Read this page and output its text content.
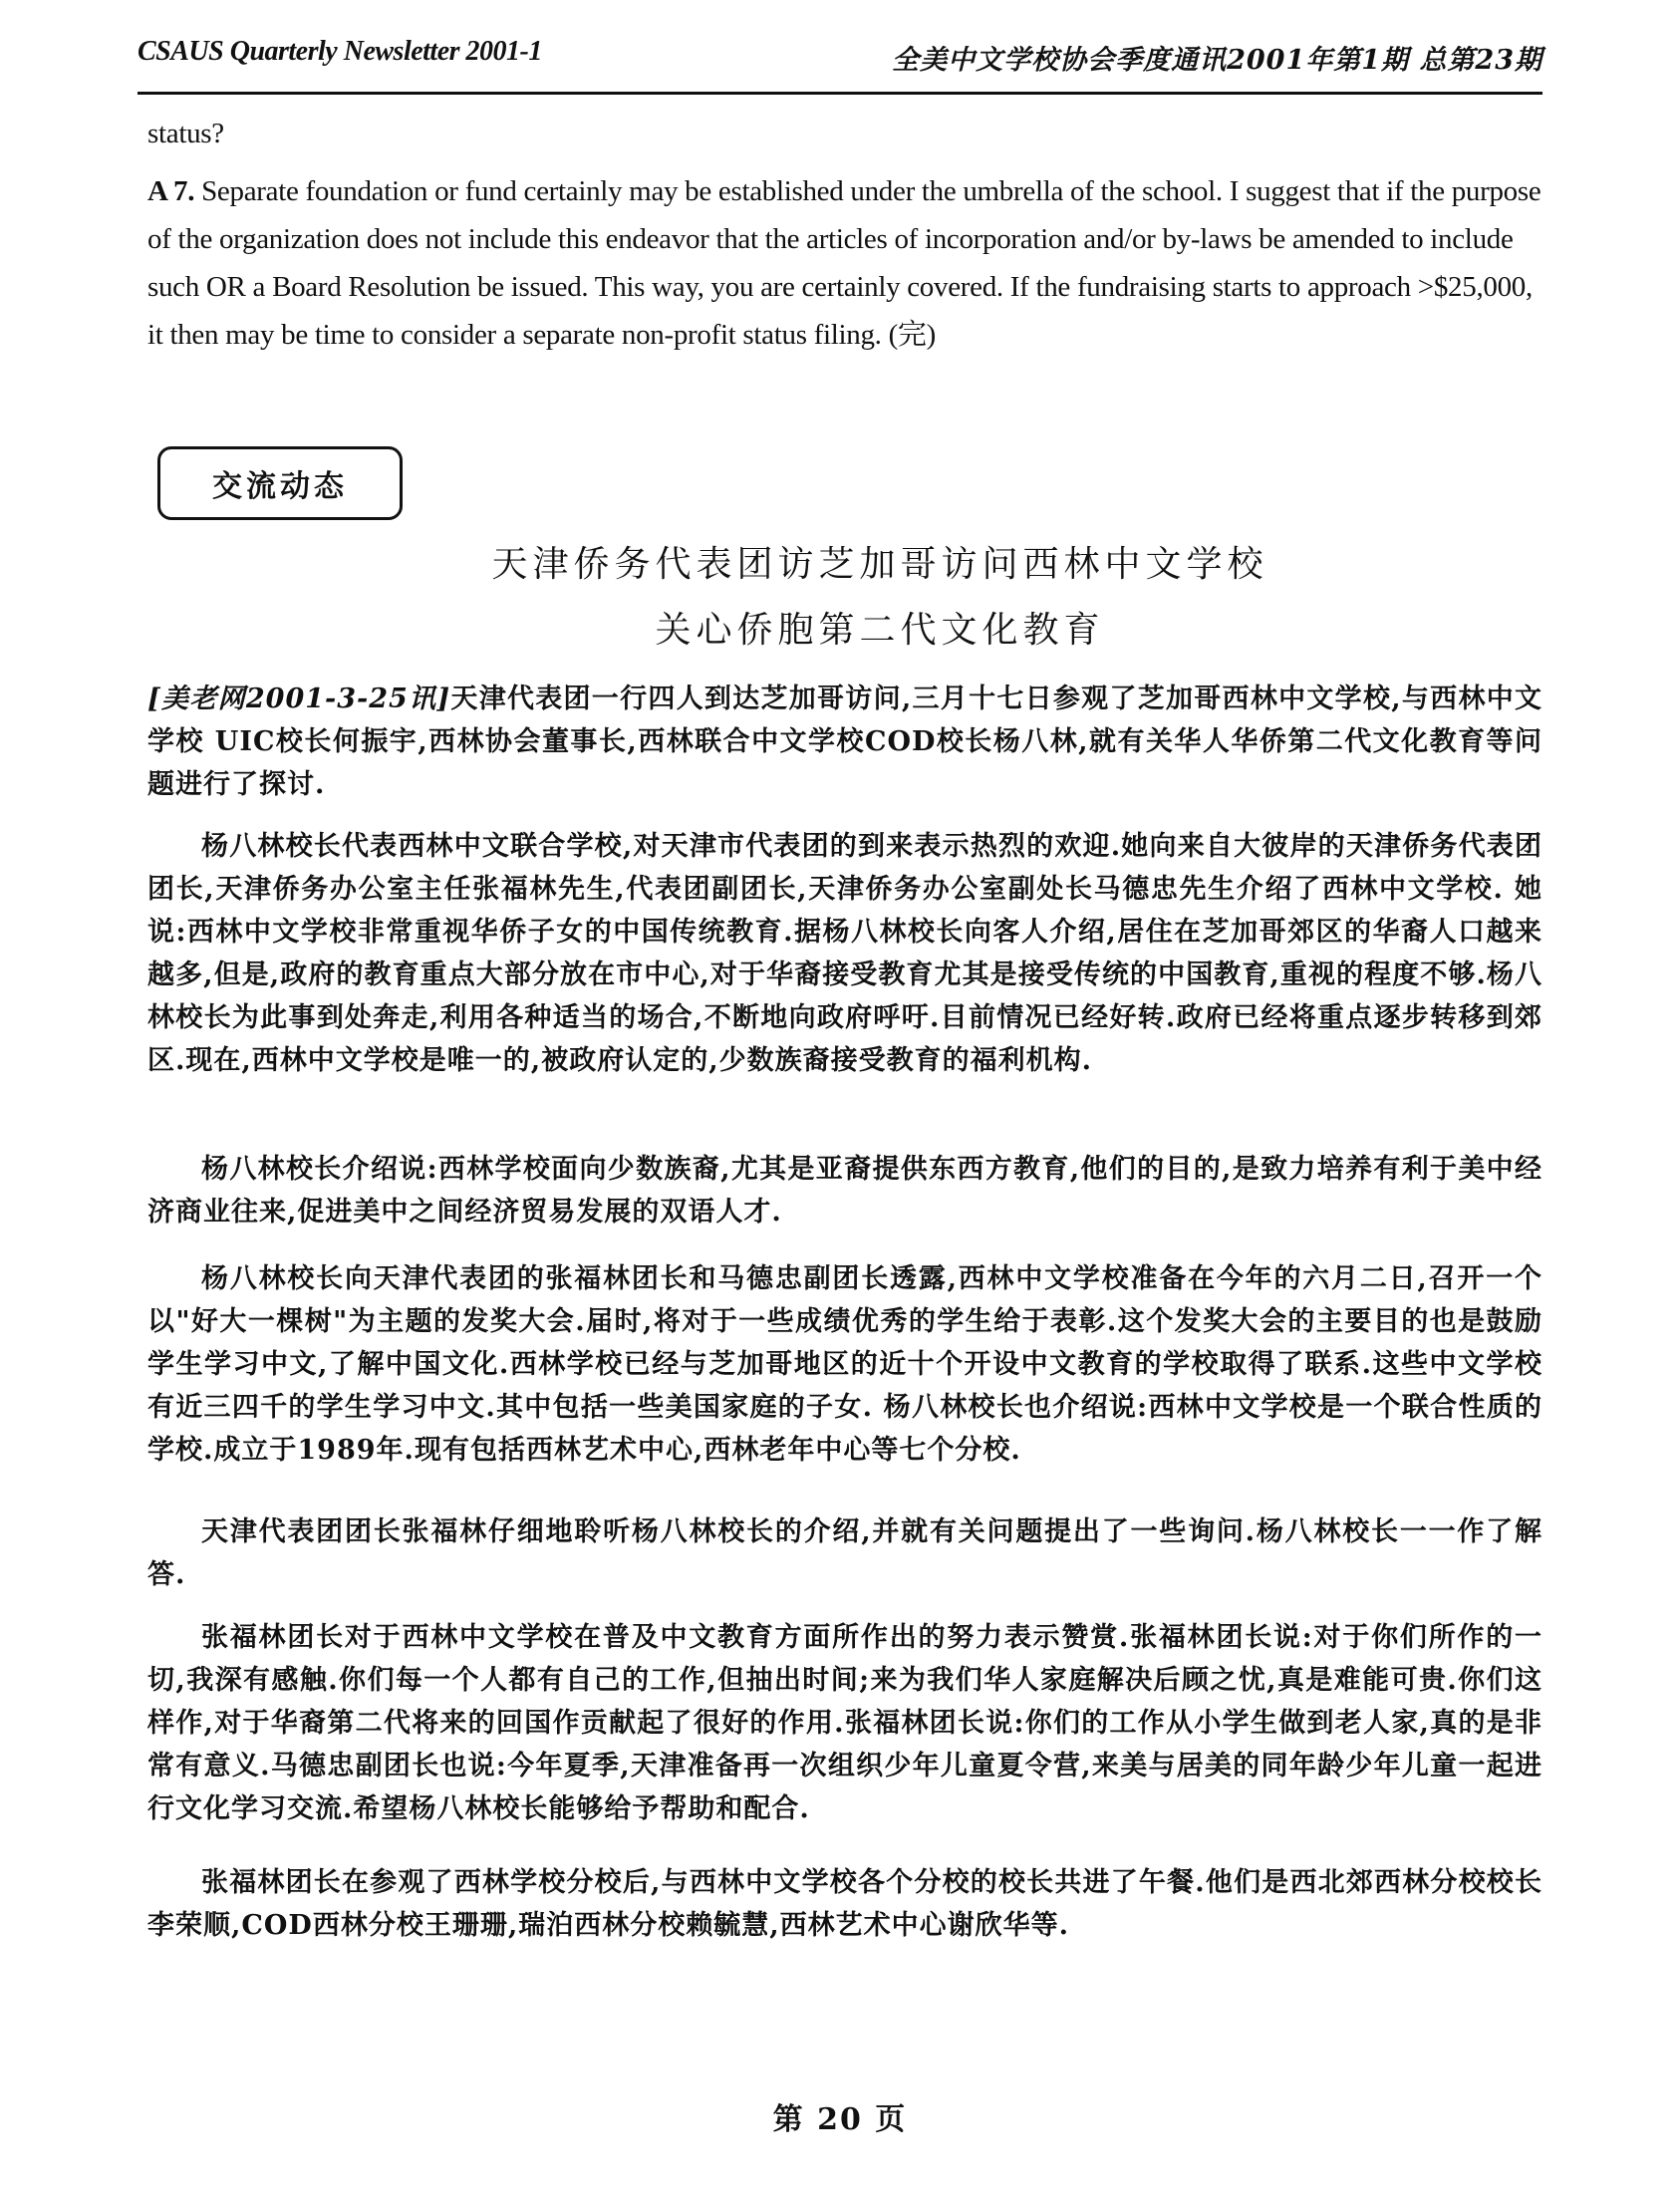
CSAUS Quarterly Newsletter 2001-1	全美中文学校协会季度通讯2001年第1期 总第23期

status?

A 7. Separate foundation or fund certainly may be established under the umbrella of the school. I suggest that if the purpose of the organization does not include this endeavor that the articles of incorporation and/or by-laws be amended to include such OR a Board Resolution be issued. This way, you are certainly covered. If the fundraising starts to approach >$25,000, it then may be time to consider a separate non-profit status filing. (完)

交流动态
天津侨务代表团访芝加哥访问西林中文学校
关心侨胞第二代文化教育

[美老网2001-3-25讯]天津代表团一行四人到达芝加哥访问,三月十七日参观了芝加哥西林中文学校,与西林中文学校 UIC校长何振宇,西林协会董事长,西林联合中文学校COD校长杨八林,就有关华人华侨第二代文化教育等问题进行了探讨.

杨八林校长代表西林中文联合学校,对天津市代表团的到来表示热烈的欢迎.她向来自大彼岸的天津侨务代表团团长,天津侨务办公室主任张福林先生,代表团副团长,天津侨务办公室副处长马德忠先生介绍了西林中文学校. 她说:西林中文学校非常重视华侨子女的中国传统教育.据杨八林校长向客人介绍,居住在芝加哥郊区的华裔人口越来越多,但是,政府的教育重点大部分放在市中心,对于华裔接受教育尤其是接受传统的中国教育,重视的程度不够.杨八林校长为此事到处奔走,利用各种适当的场合,不断地向政府呼吁.目前情况已经好转.政府已经将重点逐步转移到郊区.现在,西林中文学校是唯一的,被政府认定的,少数族裔接受教育的福利机构.

杨八林校长介绍说:西林学校面向少数族裔,尤其是亚裔提供东西方教育,他们的目的,是致力培养有利于美中经济商业往来,促进美中之间经济贸易发展的双语人才.

杨八林校长向天津代表团的张福林团长和马德忠副团长透露,西林中文学校准备在今年的六月二日,召开一个以"好大一棵树"为主题的发奖大会.届时,将对于一些成绩优秀的学生给于表彰.这个发奖大会的主要目的也是鼓励学生学习中文,了解中国文化.西林学校已经与芝加哥地区的近十个开设中文教育的学校取得了联系.这些中文学校有近三四千的学生学习中文.其中包括一些美国家庭的子女. 杨八林校长也介绍说:西林中文学校是一个联合性质的学校.成立于1989年.现有包括西林艺术中心,西林老年中心等七个分校.

天津代表团团长张福林仔细地聆听杨八林校长的介绍,并就有关问题提出了一些询问.杨八林校长一一作了解答.

张福林团长对于西林中文学校在普及中文教育方面所作出的努力表示赞赏.张福林团长说:对于你们所作的一切,我深有感触.你们每一个人都有自己的工作,但抽出时间;来为我们华人家庭解决后顾之忧,真是难能可贵.你们这样作,对于华裔第二代将来的回国作贡献起了很好的作用.张福林团长说:你们的工作从小学生做到老人家,真的是非常有意义.马德忠副团长也说:今年夏季,天津准备再一次组织少年儿童夏令营,来美与居美的同年龄少年儿童一起进行文化学习交流.希望杨八林校长能够给予帮助和配合.

张福林团长在参观了西林学校分校后,与西林中文学校各个分校的校长共进了午餐.他们是西北郊西林分校校长李荣顺,COD西林分校王珊珊,瑞泊西林分校赖毓慧,西林艺术中心谢欣华等.

第 20 页
